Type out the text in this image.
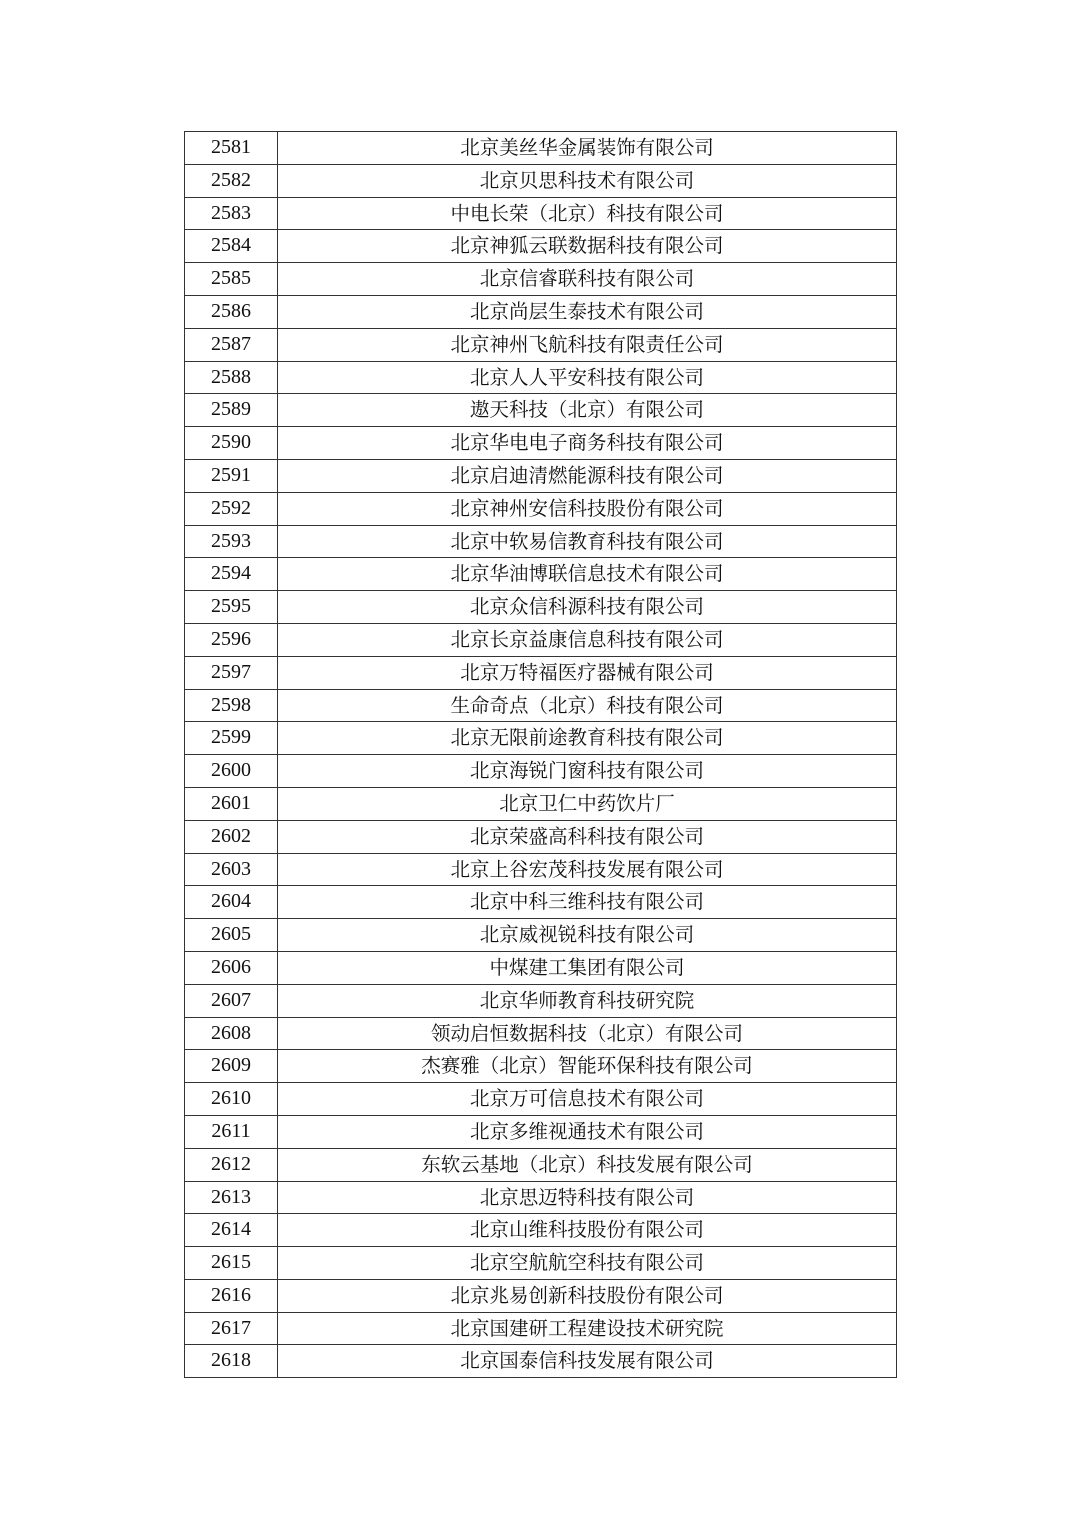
2581	北京美丝华金属装饰有限公司
2582	北京贝思科技术有限公司
2583	中电长荣（北京）科技有限公司
2584	北京神狐云联数据科技有限公司
2585	北京信睿联科技有限公司
2586	北京尚层生泰技术有限公司
2587	北京神州飞航科技有限责任公司
2588	北京人人平安科技有限公司
2589	遨天科技（北京）有限公司
2590	北京华电电子商务科技有限公司
2591	北京启迪清燃能源科技有限公司
2592	北京神州安信科技股份有限公司
2593	北京中软易信教育科技有限公司
2594	北京华油博联信息技术有限公司
2595	北京众信科源科技有限公司
2596	北京长京益康信息科技有限公司
2597	北京万特福医疗器械有限公司
2598	生命奇点（北京）科技有限公司
2599	北京无限前途教育科技有限公司
2600	北京海锐门窗科技有限公司
2601	北京卫仁中药饮片厂
2602	北京荣盛高科科技有限公司
2603	北京上谷宏茂科技发展有限公司
2604	北京中科三维科技有限公司
2605	北京威视锐科技有限公司
2606	中煤建工集团有限公司
2607	北京华师教育科技研究院
2608	领动启恒数据科技（北京）有限公司
2609	杰赛雅（北京）智能环保科技有限公司
2610	北京万可信息技术有限公司
2611	北京多维视通技术有限公司
2612	东软云基地（北京）科技发展有限公司
2613	北京思迈特科技有限公司
2614	北京山维科技股份有限公司
2615	北京空航航空科技有限公司
2616	北京兆易创新科技股份有限公司
2617	北京国建研工程建设技术研究院
2618	北京国泰信科技发展有限公司
